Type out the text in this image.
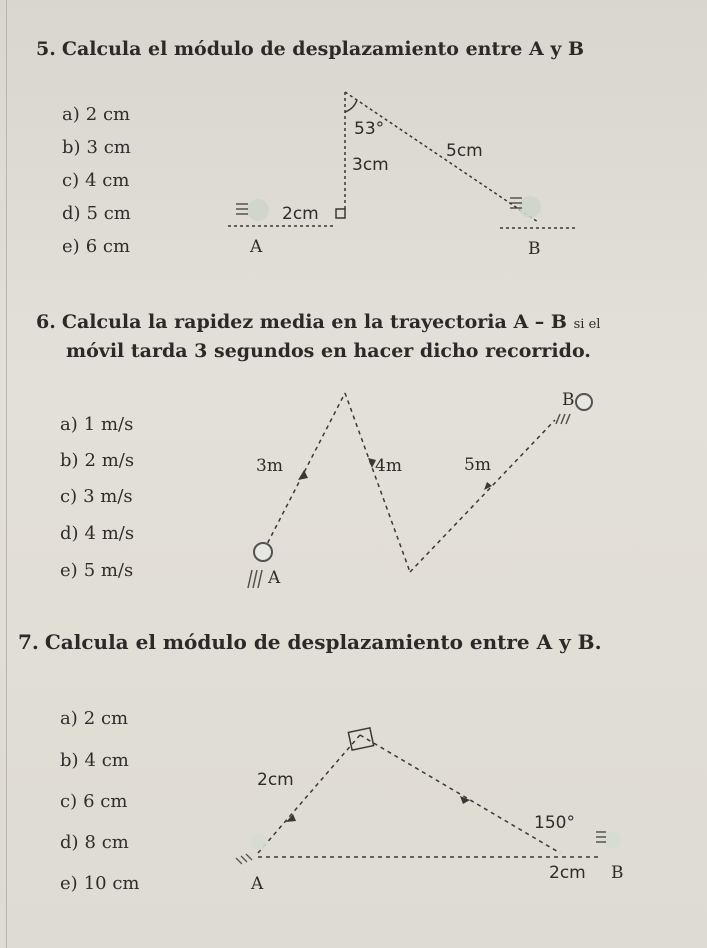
5. Calcula el módulo de desplazamiento entre A y B
a) 2 cm
b) 3 cm
c) 4 cm
d) 5 cm
e) 6 cm
6. Calcula la rapidez media en la trayectoria A – B si el
móvil tarda 3 segundos en hacer dicho recorrido.
a) 1 m/s
b) 2 m/s
c) 3 m/s
d) 4 m/s
e) 5 m/s
7. Calcula el módulo de desplazamiento entre A y B.
a) 2 cm
b) 4 cm
c) 6 cm
d) 8 cm
e) 10 cm
53°
3cm
5cm
2cm
A	B
3m	4m	5m
A
B
2cm
150°
2cm
A
B
